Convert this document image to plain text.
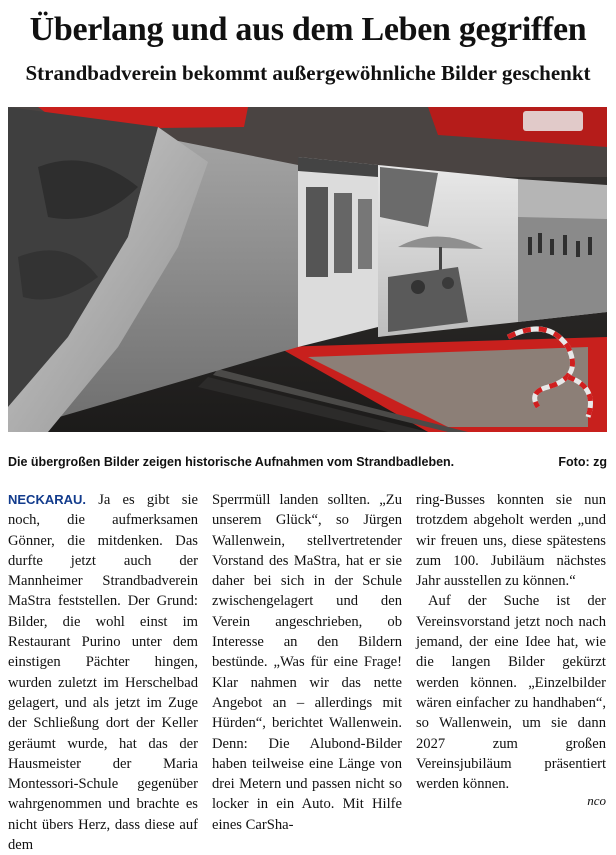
Überlang und aus dem Leben gegriffen
Strandbadverein bekommt außergewöhnliche Bilder geschenkt
Die übergroßen Bilder zeigen historische Aufnahmen vom Strandbadleben.	Foto: zg

NECKARAU. Ja es gibt sie noch, die aufmerksamen Gönner, die mitdenken. Das durfte jetzt auch der Mannheimer Strandbadverein MaStra feststellen. Der Grund: Bilder, die wohl einst im Restaurant Purino unter dem einstigen Pächter hingen, wurden zuletzt im Herschelbad gelagert, und als jetzt im Zuge der Schließung dort der Keller geräumt wurde, hat das der Hausmeister der Maria Montessori-Schule gegenüber wahrgenommen und brachte es nicht übers Herz, dass diese auf dem

Sperrmüll landen sollten. „Zu unserem Glück“, so Jürgen Wallenwein, stellvertretender Vorstand des MaStra, hat er sie daher bei sich in der Schule zwischengelagert und den Verein angeschrieben, ob Interesse an den Bildern bestünde. „Was für eine Frage! Klar nahmen wir das nette Angebot an – allerdings mit Hürden“, berichtet Wallenwein. Denn: Die Alubond-Bilder haben teilweise eine Länge von drei Metern und passen nicht so locker in ein Auto. Mit Hilfe eines CarSha-

ring-Busses konnten sie nun trotzdem abgeholt werden „und wir freuen uns, diese spätestens zum 100. Jubiläum nächstes Jahr ausstellen zu können.“

Auf der Suche ist der Vereinsvorstand jetzt noch nach jemand, der eine Idee hat, wie die langen Bilder gekürzt werden können. „Einzelbilder wären einfacher zu handhaben“, so Wallenwein, um sie dann 2027 zum großen Vereinsjubiläum präsentiert werden können.

nco
